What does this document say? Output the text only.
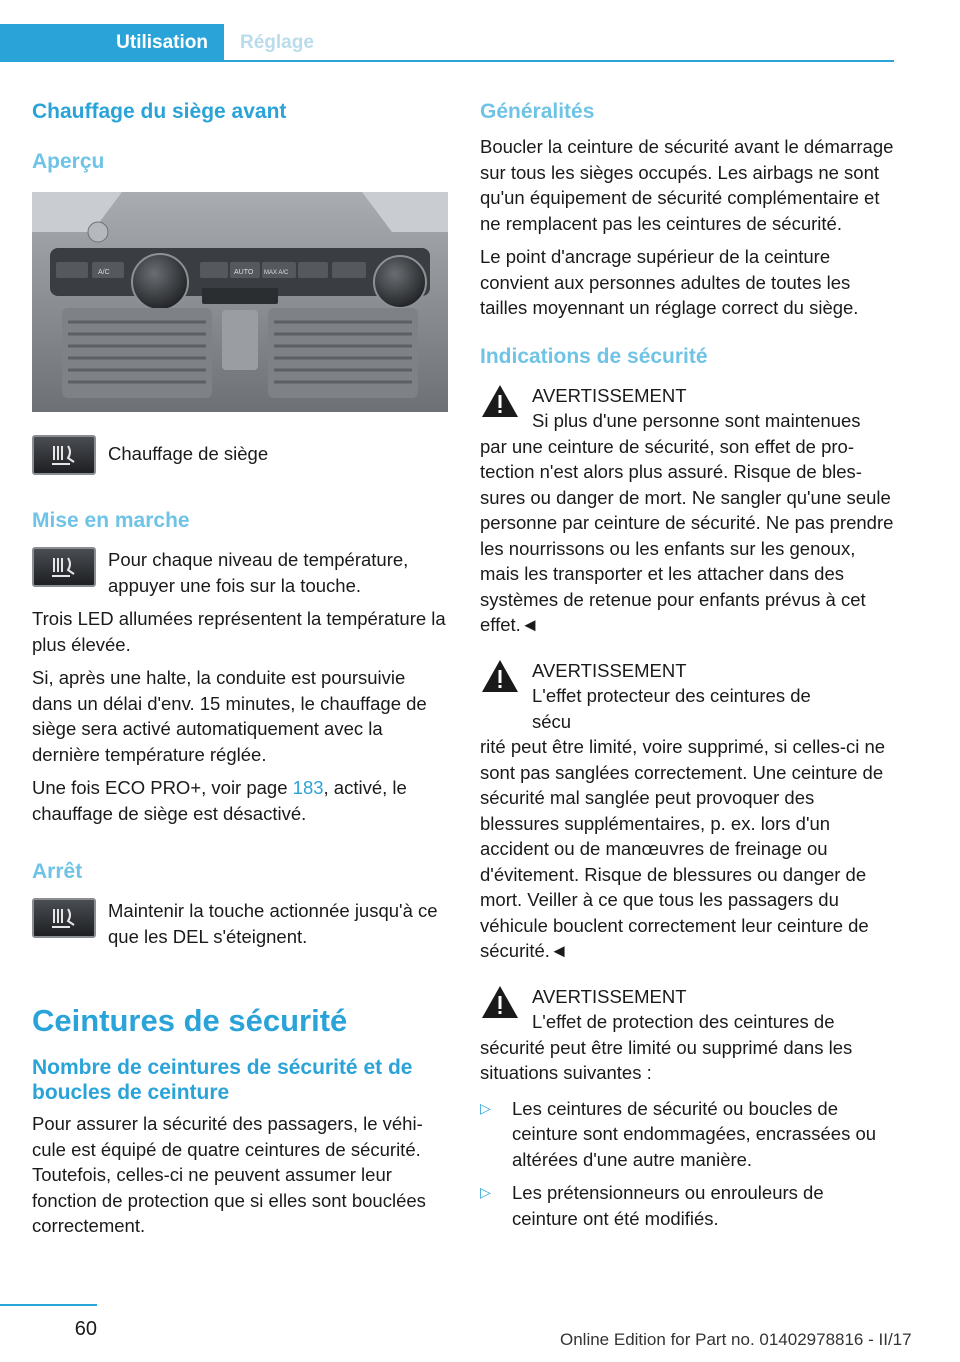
Utilisation	Réglage
Chauffage du siège avant
Aperçu
A/C	AUTO MAX A/C

Chauffage de siège

Mise en marche

Pour chaque niveau de température, appuyer une fois sur la touche.

Trois LED allumées représentent la température la plus élevée.

Si, après une halte, la conduite est poursuivie dans un délai d'env. 15 minutes, le chauffage de siège sera activé automatiquement avec la dernière température réglée.

Une fois ECO PRO+, voir page 183, activé, le chauffage de siège est désactivé.

Arrêt

Maintenir la touche actionnée jusqu'à ce que les DEL s'éteignent.

Ceintures de sécurité
Nombre de ceintures de sécurité et de boucles de ceinture

Pour assurer la sécurité des passagers, le véhicule est équipé de quatre ceintures de sécurité. Toutefois, celles-ci ne peuvent assumer leur fonction de protection que si elles sont bouclées correctement.

Généralités

Boucler la ceinture de sécurité avant le démarrage sur tous les sièges occupés. Les airbags ne sont qu'un équipement de sécurité complémentaire et ne remplacent pas les ceintures de sécurité.

Le point d'ancrage supérieur de la ceinture convient aux personnes adultes de toutes les tailles moyennant un réglage correct du siège.

Indications de sécurité

AVERTISSEMENT

Si plus d'une personne sont maintenues

par une ceinture de sécurité, son effet de protection n'est alors plus assuré. Risque de blessures ou danger de mort. Ne sangler qu'une seule personne par ceinture de sécurité. Ne pas prendre les nourrissons ou les enfants sur les genoux, mais les transporter et les attacher dans des systèmes de retenue pour enfants prévus à cet effet.◄

AVERTISSEMENT

L'effet protecteur des ceintures de sécu

rité peut être limité, voire supprimé, si celles-ci ne sont pas sanglées correctement. Une ceinture de sécurité mal sanglée peut provoquer des blessures supplémentaires, p. ex. lors d'un accident ou de manœuvres de freinage ou d'évitement. Risque de blessures ou danger de mort. Veiller à ce que tous les passagers du véhicule bouclent correctement leur ceinture de sécurité.◄

AVERTISSEMENT

L'effet de protection des ceintures de

sécurité peut être limité ou supprimé dans les situations suivantes :

▷ Les ceintures de sécurité ou boucles de ceinture sont endommagées, encrassées ou altérées d'une autre manière.
▷ Les prétensionneurs ou enrouleurs de ceinture ont été modifiés.
60	Online Edition for Part no. 01402978816 - II/17
